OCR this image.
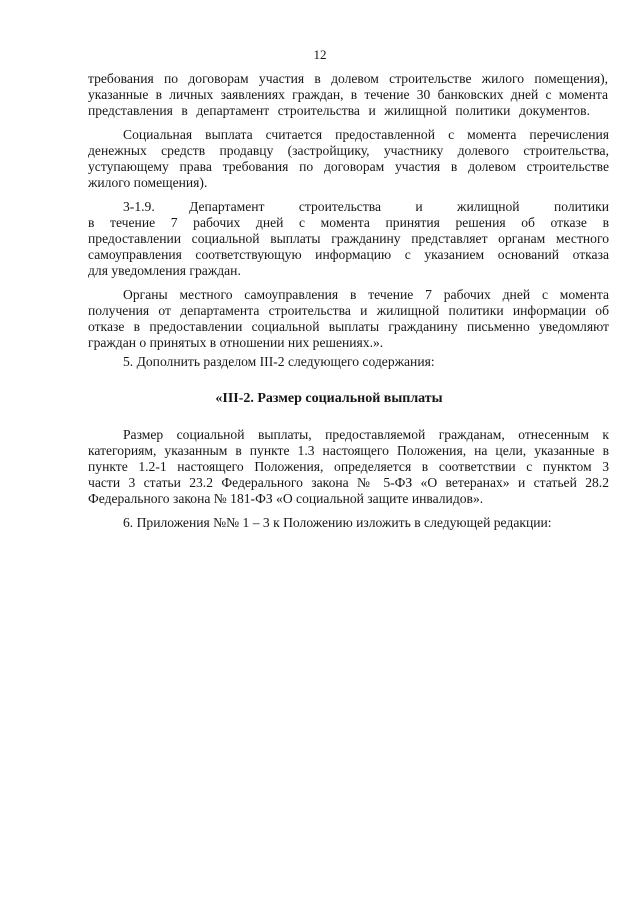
12
требования по договорам участия в долевом строительстве жилого помещения),
указанные в личных заявлениях граждан, в течение 30 банковских дней с момента
представления в департамент строительства и жилищной политики документов.
Социальная выплата считается предоставленной с момента перечисления
денежных средств продавцу (застройщику, участнику долевого строительства,
уступающему права требования по договорам участия в долевом строительстве
жилого помещения).
3-1.9. Департамент строительства и жилищной политики
в течение 7 рабочих дней с момента принятия решения об отказе в
предоставлении социальной выплаты гражданину представляет органам местного
самоуправления соответствующую информацию с указанием оснований отказа
для уведомления граждан.
Органы местного самоуправления в течение 7 рабочих дней с момента
получения от департамента строительства и жилищной политики информации об
отказе в предоставлении социальной выплаты гражданину письменно уведомляют
граждан о принятых в отношении них решениях.».
5. Дополнить разделом III-2 следующего содержания:
«III-2. Размер социальной выплаты
Размер социальной выплаты, предоставляемой гражданам, отнесенным к
категориям, указанным в пункте 1.3 настоящего Положения, на цели, указанные в
пункте 1.2-1 настоящего Положения, определяется в соответствии с пунктом 3
части 3 статьи 23.2 Федерального закона № 5-ФЗ «О ветеранах» и статьей 28.2
Федерального закона № 181-ФЗ «О социальной защите инвалидов».
6. Приложения №№ 1 – 3 к Положению изложить в следующей редакции:
